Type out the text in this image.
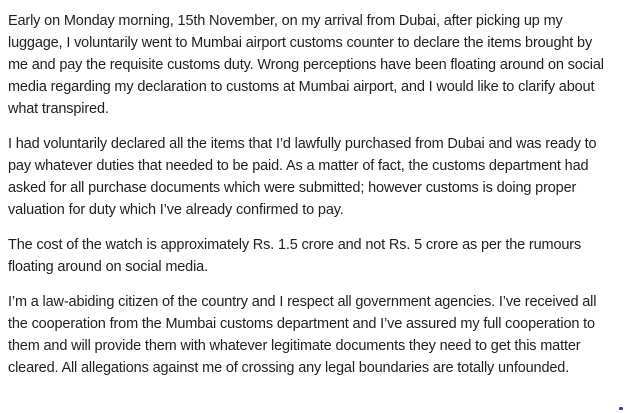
Early on Monday morning, 15th November, on my arrival from Dubai, after picking up my luggage, I voluntarily went to Mumbai airport customs counter to declare the items brought by me and pay the requisite customs duty. Wrong perceptions have been floating around on social media regarding my declaration to customs at Mumbai airport, and I would like to clarify about what transpired.

I had voluntarily declared all the items that I’d lawfully purchased from Dubai and was ready to pay whatever duties that needed to be paid. As a matter of fact, the customs department had asked for all purchase documents which were submitted; however customs is doing proper valuation for duty which I’ve already confirmed to pay.

The cost of the watch is approximately Rs. 1.5 crore and not Rs. 5 crore as per the rumours floating around on social media.

I’m a law-abiding citizen of the country and I respect all government agencies. I’ve received all the cooperation from the Mumbai customs department and I’ve assured my full cooperation to them and will provide them with whatever legitimate documents they need to get this matter cleared. All allegations against me of crossing any legal boundaries are totally unfounded.
